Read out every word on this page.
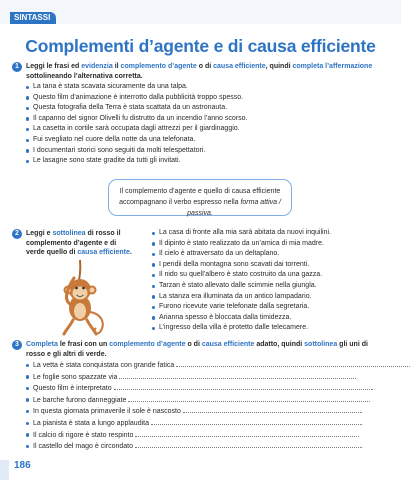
SINTASSI
Complementi d’agente e di causa efficiente
1	Leggi le frasi ed evidenzia il complemento d’agente o di causa efficiente, quindi completa l’affermazione sottolineando l’alternativa corretta.
La tana è stata scavata sicuramente da una talpa.
Questo film d’animazione è interrotto dalla pubblicità troppo spesso.
Questa fotografia della Terra è stata scattata da un astronauta.
Il capanno del signor Olivelli fu distrutto da un incendio l’anno scorso.
La casetta in cortile sarà occupata dagli attrezzi per il giardinaggio.
Fui svegliato nel cuore della notte da una telefonata.
I documentari storici sono seguiti da molti telespettatori.
Le lasagne sono state gradite da tutti gli invitati.
Il complemento d’agente e quello di causa efficiente
accompagnano il verbo espresso nella forma attiva / passiva.
2	Leggi e sottolinea di rosso il complemento d’agente e di verde quello di causa efficiente.
La casa di fronte alla mia sarà abitata da nuovi inquilini.
Il dipinto è stato realizzato da un’amica di mia madre.
Il cielo è attraversato da un deltaplano.
I pendii della montagna sono scavati dai torrenti.
Il nido su quell’albero è stato costruito da una gazza.
Tarzan è stato allevato dalle scimmie nella giungla.
La stanza era illuminata da un antico lampadario.
Furono ricevute varie telefonate dalla segretaria.
Arianna spesso è bloccata dalla timidezza.
L’ingresso della villa è protetto dalle telecamere.
3	Completa le frasi con un complemento d’agente o di causa efficiente adatto, quindi sottolinea gli uni di rosso e gli altri di verde.
La vetta è stata conquistata con grande fatica	.
Le foglie sono spazzate via	.
Questo film è interpretato	.
Le barche furono danneggiate	.
In questa giornata primaverile il sole è nascosto	.
La pianista è stata a lungo applaudita	.
Il calcio di rigore è stato respinto	.
Il castello del mago è circondato	.
186
